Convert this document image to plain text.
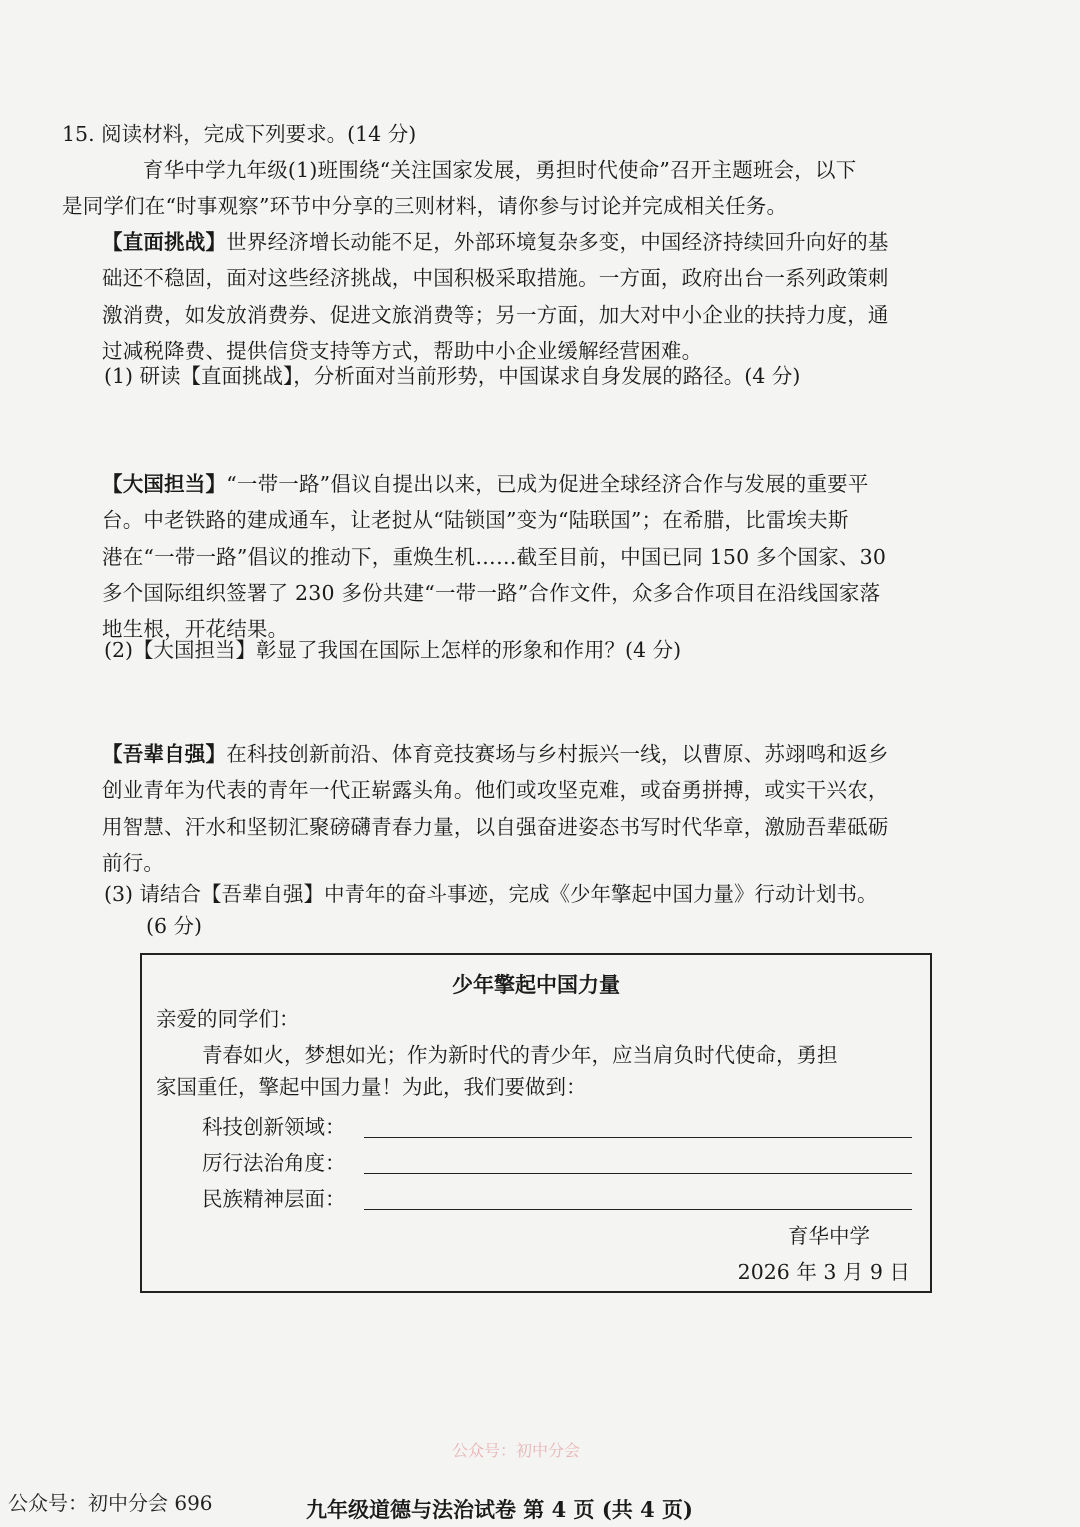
15. 阅读材料，完成下列要求。(14 分)
育华中学九年级(1)班围绕“关注国家发展，勇担时代使命”召开主题班会，以下
是同学们在“时事观察”环节中分享的三则材料，请你参与讨论并完成相关任务。
【直面挑战】世界经济增长动能不足，外部环境复杂多变，中国经济持续回升向好的基
础还不稳固，面对这些经济挑战，中国积极采取措施。一方面，政府出台一系列政策刺
激消费，如发放消费券、促进文旅消费等；另一方面，加大对中小企业的扶持力度，通
过减税降费、提供信贷支持等方式，帮助中小企业缓解经营困难。
(1) 研读【直面挑战】，分析面对当前形势，中国谋求自身发展的路径。(4 分)
【大国担当】“一带一路”倡议自提出以来，已成为促进全球经济合作与发展的重要平
台。中老铁路的建成通车，让老挝从“陆锁国”变为“陆联国”；在希腊，比雷埃夫斯
港在“一带一路”倡议的推动下，重焕生机……截至目前，中国已同 150 多个国家、30
多个国际组织签署了 230 多份共建“一带一路”合作文件，众多合作项目在沿线国家落
地生根，开花结果。
(2)【大国担当】彰显了我国在国际上怎样的形象和作用？(4 分)
【吾辈自强】在科技创新前沿、体育竞技赛场与乡村振兴一线，以曹原、苏翊鸣和返乡
创业青年为代表的青年一代正崭露头角。他们或攻坚克难，或奋勇拼搏，或实干兴农，
用智慧、汗水和坚韧汇聚磅礴青春力量，以自强奋进姿态书写时代华章，激励吾辈砥砺
前行。
(3) 请结合【吾辈自强】中青年的奋斗事迹，完成《少年擎起中国力量》行动计划书。
(6 分)
少年擎起中国力量
亲爱的同学们：
青春如火，梦想如光；作为新时代的青少年，应当肩负时代使命，勇担
家国重任，擎起中国力量！为此，我们要做到：
科技创新领域：
厉行法治角度：
民族精神层面：
育华中学
2026 年 3 月 9 日
公众号：初中分会
公众号：初中分会 696	九年级道德与法治试卷 第 4 页 (共 4 页)
